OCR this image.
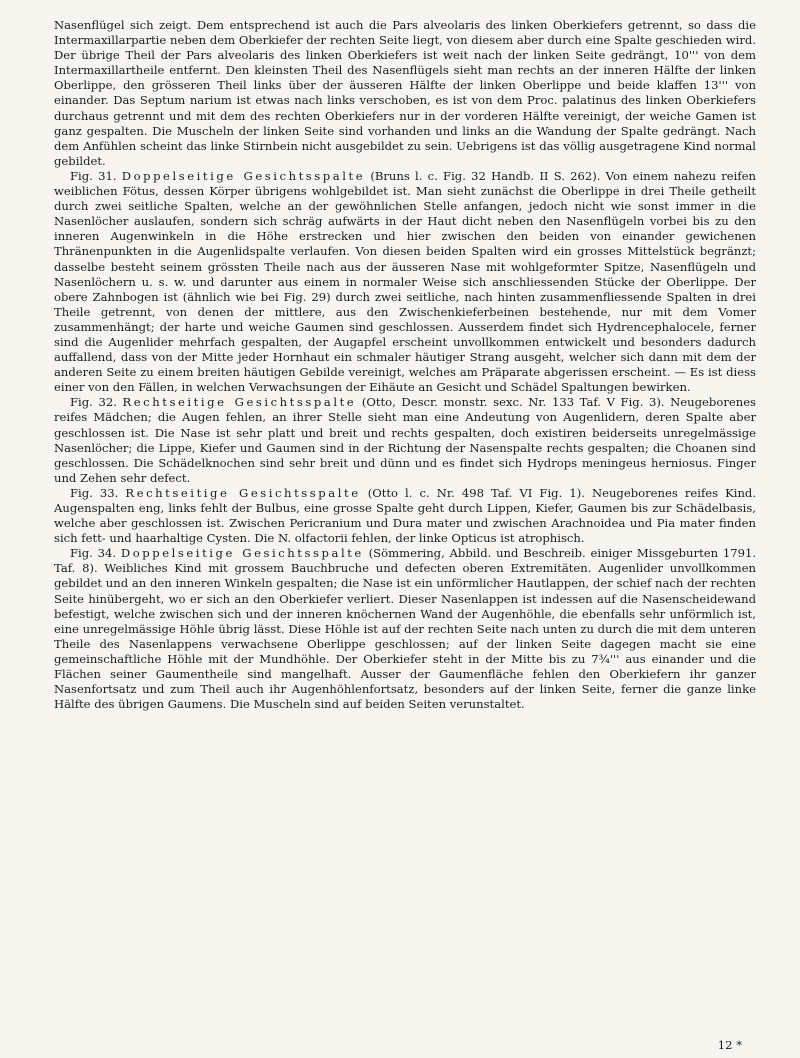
Nasenflügel sich zeigt. Dem entsprechend ist auch die Pars alveolaris des linken Oberkiefers getrennt, so dass die Intermaxillarpartie neben dem Oberkiefer der rechten Seite liegt, von diesem aber durch eine Spalte geschieden wird. Der übrige Theil der Pars alveolaris des linken Oberkiefers ist weit nach der linken Seite gedrängt, 10''' von dem Intermaxillartheile entfernt. Den kleinsten Theil des Nasenflügels sieht man rechts an der inneren Hälfte der linken Oberlippe, den grösseren Theil links über der äusseren Hälfte der linken Oberlippe und beide klaffen 13''' von einander. Das Septum narium ist etwas nach links verschoben, es ist von dem Proc. palatinus des linken Oberkiefers durchaus getrennt und mit dem des rechten Oberkiefers nur in der vorderen Hälfte vereinigt, der weiche Gamen ist ganz gespalten. Die Muscheln der linken Seite sind vorhanden und links an die Wandung der Spalte gedrängt. Nach dem Anfühlen scheint das linke Stirnbein nicht ausgebildet zu sein. Uebrigens ist das völlig ausgetragene Kind normal gebildet.

Fig. 31. Doppelseitige Gesichtsspalte (Bruns l. c. Fig. 32 Handb. II S. 262). Von einem nahezu reifen weiblichen Fötus, dessen Körper übrigens wohlgebildet ist. Man sieht zunächst die Oberlippe in drei Theile getheilt durch zwei seitliche Spalten, welche an der gewöhnlichen Stelle anfangen, jedoch nicht wie sonst immer in die Nasenlöcher auslaufen, sondern sich schräg aufwärts in der Haut dicht neben den Nasenflügeln vorbei bis zu den inneren Augenwinkeln in die Höhe erstrecken und hier zwischen den beiden von einander gewichenen Thränenpunkten in die Augenlidspalte verlaufen. Von diesen beiden Spalten wird ein grosses Mittelstück begränzt; dasselbe besteht seinem grössten Theile nach aus der äusseren Nase mit wohlgeformter Spitze, Nasenflügeln und Nasenlöchern u. s. w. und darunter aus einem in normaler Weise sich anschliessenden Stücke der Oberlippe. Der obere Zahnbogen ist (ähnlich wie bei Fig. 29) durch zwei seitliche, nach hinten zusammenfliessende Spalten in drei Theile getrennt, von denen der mittlere, aus den Zwischenkieferbeinen bestehende, nur mit dem Vomer zusammenhängt; der harte und weiche Gaumen sind geschlossen. Ausserdem findet sich Hydrencephalocele, ferner sind die Augenlider mehrfach gespalten, der Augapfel erscheint unvollkommen entwickelt und besonders dadurch auffallend, dass von der Mitte jeder Hornhaut ein schmaler häutiger Strang ausgeht, welcher sich dann mit dem der anderen Seite zu einem breiten häutigen Gebilde vereinigt, welches am Präparate abgerissen erscheint. — Es ist diess einer von den Fällen, in welchen Verwachsungen der Eihäute an Gesicht und Schädel Spaltungen bewirken.

Fig. 32. Rechtseitige Gesichtsspalte (Otto, Descr. monstr. sexc. Nr. 133 Taf. V Fig. 3). Neugeborenes reifes Mädchen; die Augen fehlen, an ihrer Stelle sieht man eine Andeutung von Augenlidern, deren Spalte aber geschlossen ist. Die Nase ist sehr platt und breit und rechts gespalten, doch existiren beiderseits unregelmässige Nasenlöcher; die Lippe, Kiefer und Gaumen sind in der Richtung der Nasenspalte rechts gespalten; die Choanen sind geschlossen. Die Schädelknochen sind sehr breit und dünn und es findet sich Hydrops meningeus herniosus. Finger und Zehen sehr defect.

Fig. 33. Rechtseitige Gesichtsspalte (Otto l. c. Nr. 498 Taf. VI Fig. 1). Neugeborenes reifes Kind. Augenspalten eng, links fehlt der Bulbus, eine grosse Spalte geht durch Lippen, Kiefer, Gaumen bis zur Schädelbasis, welche aber geschlossen ist. Zwischen Pericranium und Dura mater und zwischen Arachnoidea und Pia mater finden sich fett- und haarhaltige Cysten. Die N. olfactorii fehlen, der linke Opticus ist atrophisch.

Fig. 34. Doppelseitige Gesichtsspalte (Sömmering, Abbild. und Beschreib. einiger Missgeburten 1791. Taf. 8). Weibliches Kind mit grossem Bauchbruche und defecten oberen Extremitäten. Augenlider unvollkommen gebildet und an den inneren Winkeln gespalten; die Nase ist ein unförmlicher Hautlappen, der schief nach der rechten Seite hinübergeht, wo er sich an den Oberkiefer verliert. Dieser Nasenlappen ist indessen auf die Nasenscheidewand befestigt, welche zwischen sich und der inneren knöchernen Wand der Augenhöhle, die ebenfalls sehr unförmlich ist, eine unregelmässige Höhle übrig lässt. Diese Höhle ist auf der rechten Seite nach unten zu durch die mit dem unteren Theile des Nasenlappens verwachsene Oberlippe geschlossen; auf der linken Seite dagegen macht sie eine gemeinschaftliche Höhle mit der Mundhöhle. Der Oberkiefer steht in der Mitte bis zu 7¾''' aus einander und die Flächen seiner Gaumentheile sind mangelhaft. Ausser der Gaumenfläche fehlen den Oberkiefern ihr ganzer Nasenfortsatz und zum Theil auch ihr Augenhöhlenfortsatz, besonders auf der linken Seite, ferner die ganze linke Hälfte des übrigen Gaumens. Die Muscheln sind auf beiden Seiten verunstaltet.

12 *
